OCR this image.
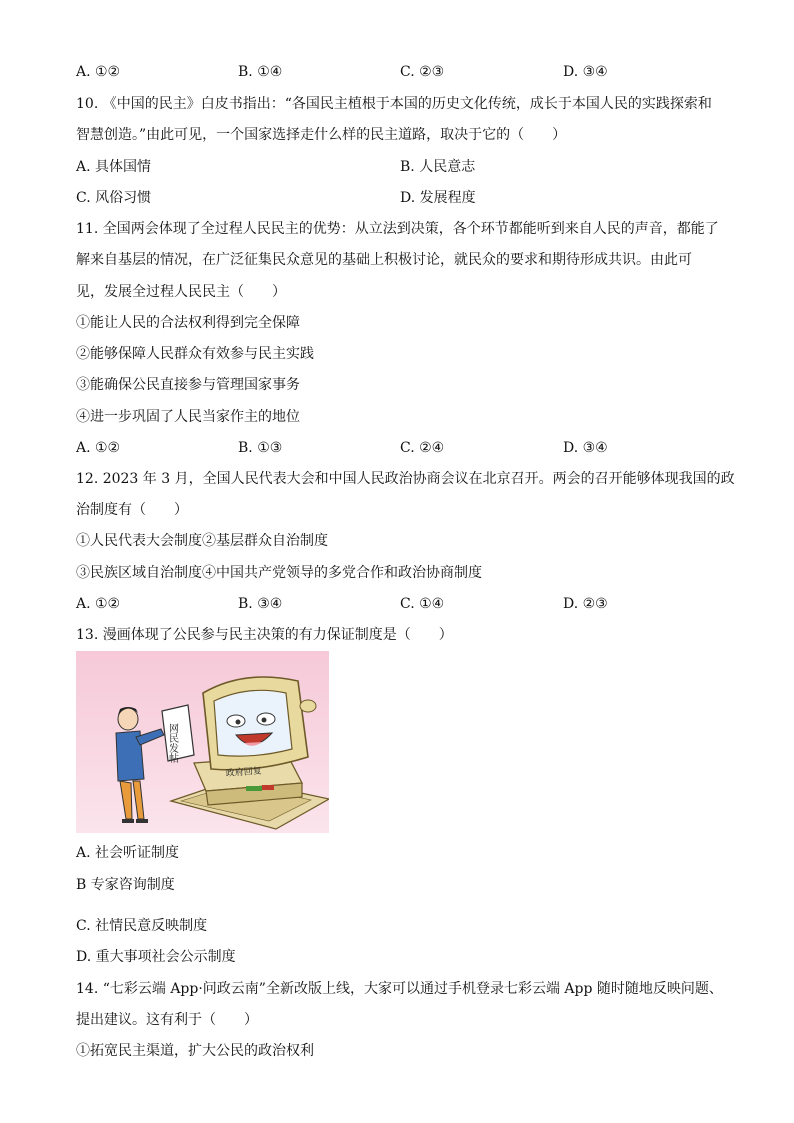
A. ①②	B. ①④	C. ②③	D. ③④
10. 《中国的民主》白皮书指出：“各国民主植根于本国的历史文化传统，成长于本国人民的实践探索和
智慧创造。”由此可见，一个国家选择走什么样的民主道路，取决于它的（　　）
A. 具体国情	B. 人民意志
C. 风俗习惯	D. 发展程度
11. 全国两会体现了全过程人民民主的优势：从立法到决策，各个环节都能听到来自人民的声音，都能了
解来自基层的情况，在广泛征集民众意见的基础上积极讨论，就民众的要求和期待形成共识。由此可
见，发展全过程人民民主（　　）
①能让人民的合法权利得到完全保障
②能够保障人民群众有效参与民主实践
③能确保公民直接参与管理国家事务
④进一步巩固了人民当家作主的地位
A. ①②	B. ①③	C. ②④	D. ③④
12. 2023 年 3 月，全国人民代表大会和中国人民政治协商会议在北京召开。两会的召开能够体现我国的政
治制度有（　　）
①人民代表大会制度②基层群众自治制度
③民族区域自治制度④中国共产党领导的多党合作和政治协商制度
A. ①②	B. ③④	C. ①④	D. ②③
13. 漫画体现了公民参与民主决策的有力保证制度是（　　）
政府回复
网民发帖
A. 社会听证制度
B 专家咨询制度
C. 社情民意反映制度
D. 重大事项社会公示制度
14. “七彩云端 App·问政云南”全新改版上线，大家可以通过手机登录七彩云端 App 随时随地反映问题、
提出建议。这有利于（　　）
①拓宽民主渠道，扩大公民的政治权利
